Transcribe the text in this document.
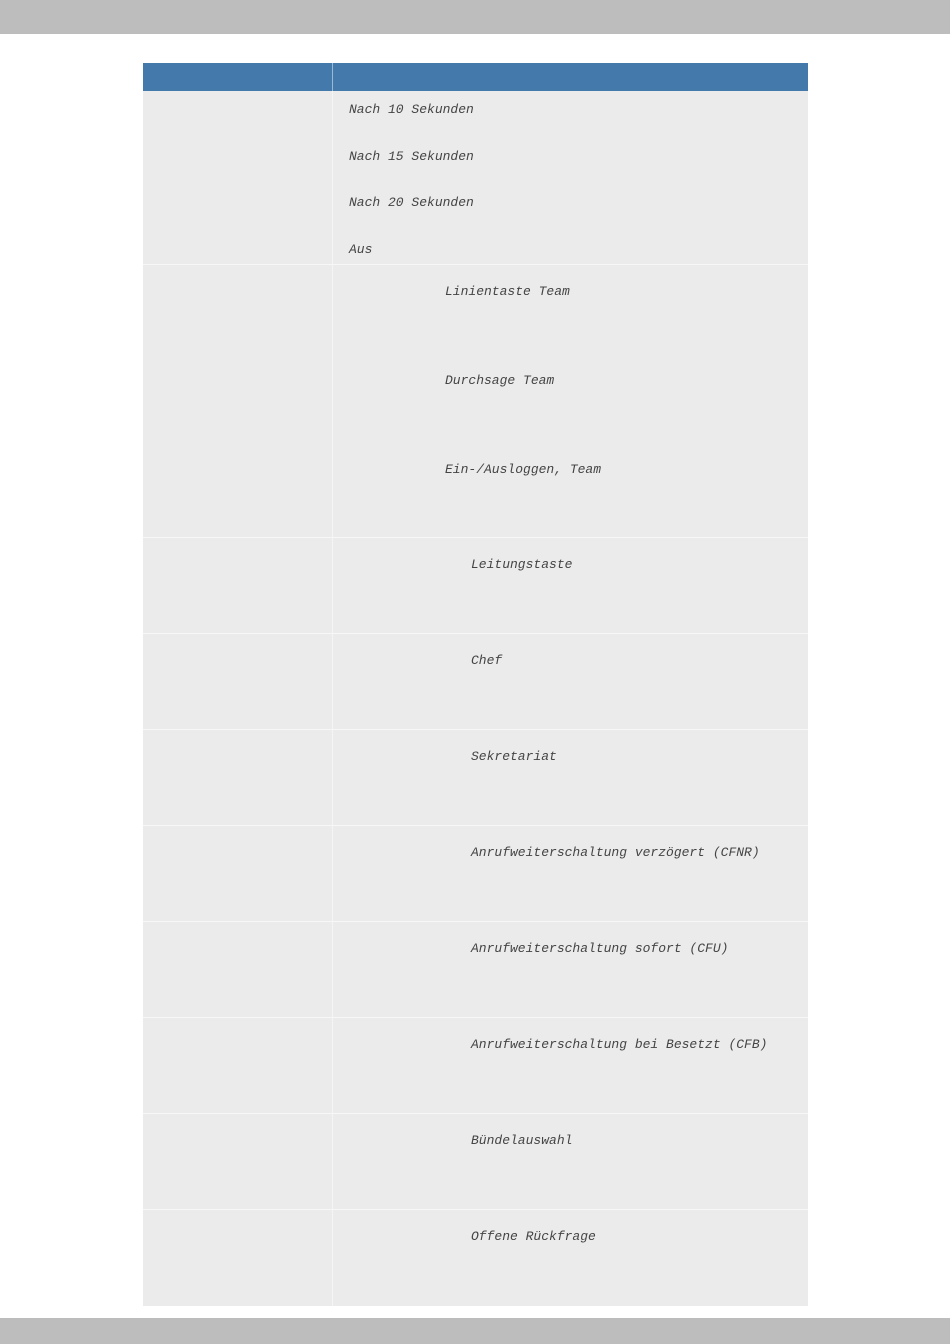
Nach 10 Sekunden
Nach 15 Sekunden
Nach 20 Sekunden
Aus
Linientaste Team
Durchsage Team
Ein-/Ausloggen, Team
Leitungstaste
Chef
Sekretariat
Anrufweiterschaltung verzögert (CFNR)
Anrufweiterschaltung sofort (CFU)
Anrufweiterschaltung bei Besetzt (CFB)
Bündelauswahl
Offene Rückfrage
